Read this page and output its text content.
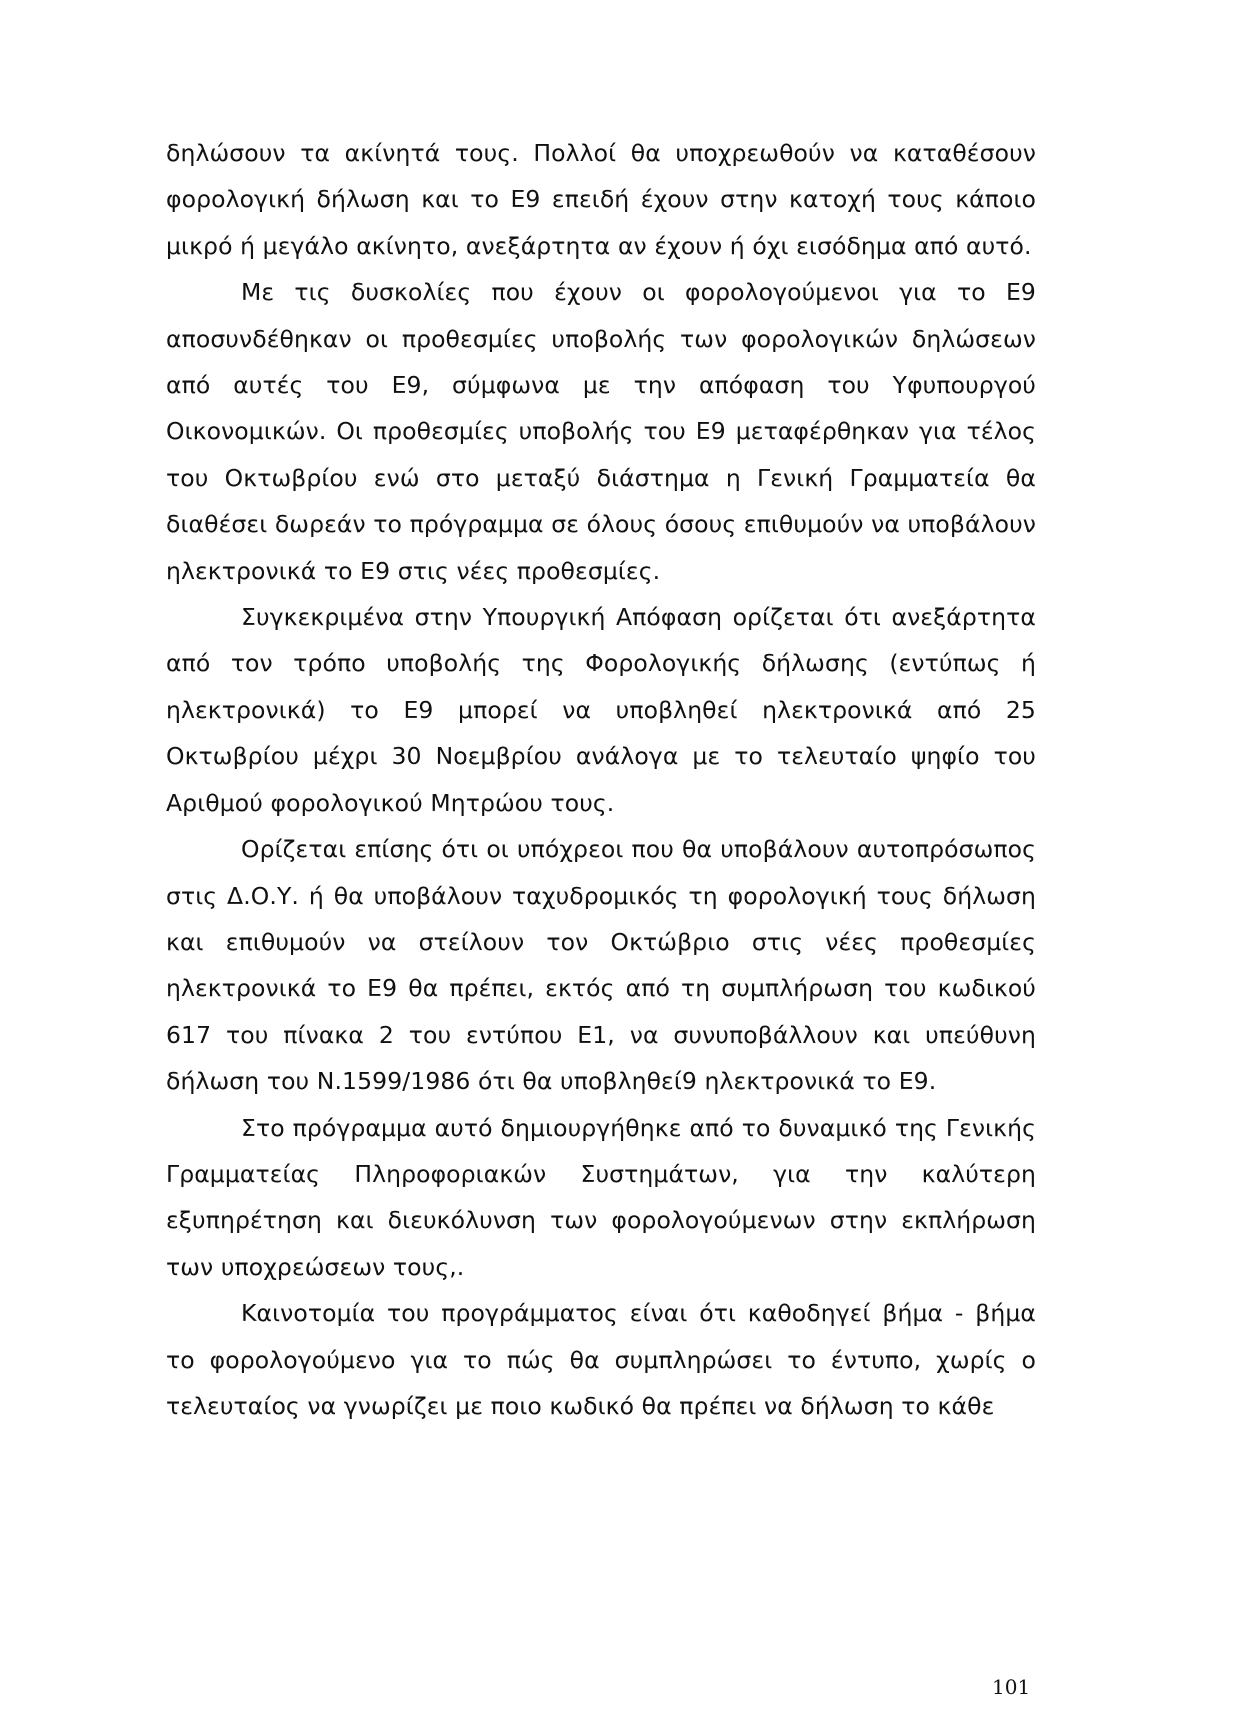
δηλώσουν τα ακίνητά τους. Πολλοί θα υποχρεωθούν να καταθέσουν φορολογική δήλωση και το Ε9 επειδή έχουν στην κατοχή τους κάποιο μικρό ή μεγάλο ακίνητο, ανεξάρτητα αν έχουν ή όχι εισόδημα από αυτό.

Με τις δυσκολίες που έχουν οι φορολογούμενοι για το Ε9 αποσυνδέθηκαν οι προθεσμίες υποβολής των φορολογικών δηλώσεων από αυτές του Ε9, σύμφωνα με την απόφαση του Υφυπουργού Οικονομικών. Οι προθεσμίες υποβολής του Ε9 μεταφέρθηκαν για τέλος του Οκτωβρίου ενώ στο μεταξύ διάστημα η Γενική Γραμματεία θα διαθέσει δωρεάν το πρόγραμμα σε όλους όσους επιθυμούν να υποβάλουν ηλεκτρονικά το Ε9 στις νέες προθεσμίες.

Συγκεκριμένα στην Υπουργική Απόφαση ορίζεται ότι ανεξάρτητα από τον τρόπο υποβολής της Φορολογικής δήλωσης (εντύπως ή ηλεκτρονικά) το Ε9 μπορεί να υποβληθεί ηλεκτρονικά από 25 Οκτωβρίου μέχρι 30 Νοεμβρίου ανάλογα με το τελευταίο ψηφίο του Αριθμού φορολογικού Μητρώου τους.

Ορίζεται επίσης ότι οι υπόχρεοι που θα υποβάλουν αυτοπρόσωπος στις Δ.Ο.Υ. ή θα υποβάλουν ταχυδρομικός τη φορολογική τους δήλωση και επιθυμούν να στείλουν τον Οκτώβριο στις νέες προθεσμίες ηλεκτρονικά το Ε9 θα πρέπει, εκτός από τη συμπλήρωση του κωδικού 617 του πίνακα 2 του εντύπου Ε1, να συνυποβάλλουν και υπεύθυνη δήλωση του Ν.1599/1986 ότι θα υποβληθεί9 ηλεκτρονικά το Ε9.

Στο πρόγραμμα αυτό δημιουργήθηκε από το δυναμικό της Γενικής Γραμματείας Πληροφοριακών Συστημάτων, για την καλύτερη εξυπηρέτηση και διευκόλυνση των φορολογούμενων στην εκπλήρωση των υποχρεώσεων τους,.

Καινοτομία του προγράμματος είναι ότι καθοδηγεί βήμα - βήμα το φορολογούμενο για το πώς θα συμπληρώσει το έντυπο, χωρίς ο τελευταίος να γνωρίζει με ποιο κωδικό θα πρέπει να δήλωση το κάθε

101
